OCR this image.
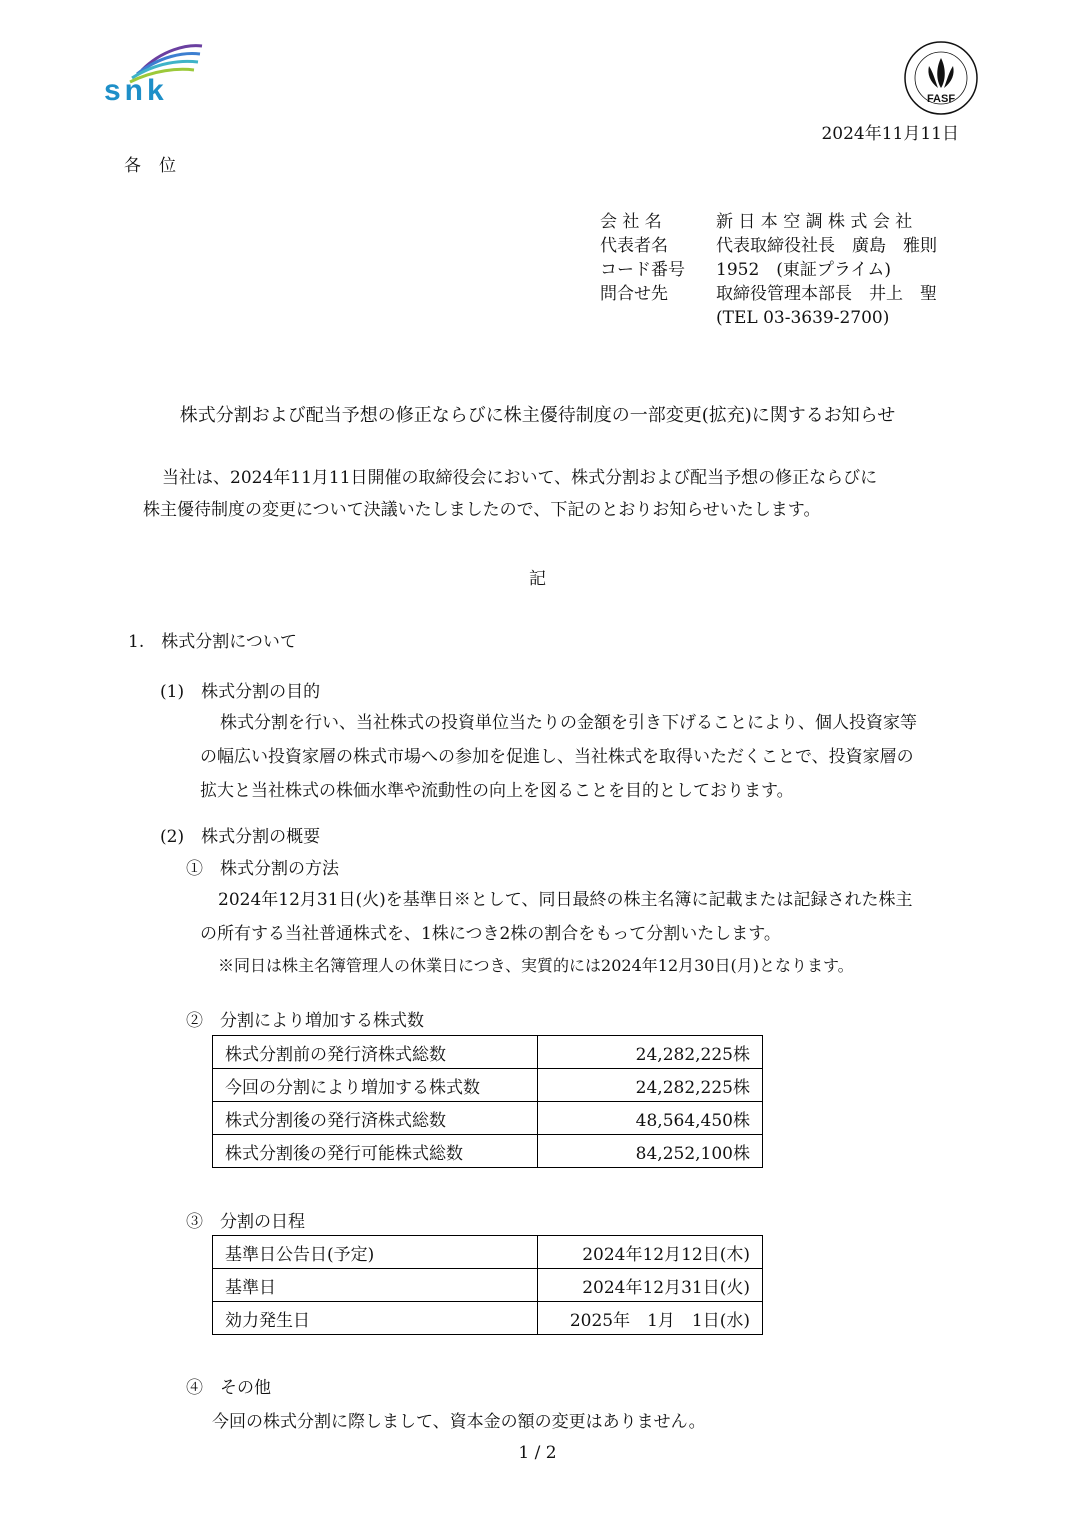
snk	FASF
2024年11月11日
各位
会 社 名	新 日 本 空 調 株 式 会 社
代表者名	代表取締役社長　廣島　雅則
コード番号	1952　(東証プライム)
問合せ先	取締役管理本部長　井上　聖
(TEL 03-3639-2700)
株式分割および配当予想の修正ならびに株主優待制度の一部変更(拡充)に関するお知らせ
当社は、2024年11月11日開催の取締役会において、株式分割および配当予想の修正ならびに
株主優待制度の変更について決議いたしましたので、下記のとおりお知らせいたします。
記
1.　株式分割について
(1)　株式分割の目的
株式分割を行い、当社株式の投資単位当たりの金額を引き下げることにより、個人投資家等
の幅広い投資家層の株式市場への参加を促進し、当社株式を取得いただくことで、投資家層の
拡大と当社株式の株価水準や流動性の向上を図ることを目的としております。
(2)　株式分割の概要
①　株式分割の方法
2024年12月31日(火)を基準日※として、同日最終の株主名簿に記載または記録された株主
の所有する当社普通株式を、1株につき2株の割合をもって分割いたします。
※同日は株主名簿管理人の休業日につき、実質的には2024年12月30日(月)となります。
②　分割により増加する株式数
株式分割前の発行済株式総数	24,282,225株
今回の分割により増加する株式数	24,282,225株
株式分割後の発行済株式総数	48,564,450株
株式分割後の発行可能株式総数	84,252,100株
③　分割の日程
基準日公告日(予定)	2024年12月12日(木)
基準日	2024年12月31日(火)
効力発生日	2025年　1月　1日(水)
④　その他
今回の株式分割に際しまして、資本金の額の変更はありません。
1 / 2
